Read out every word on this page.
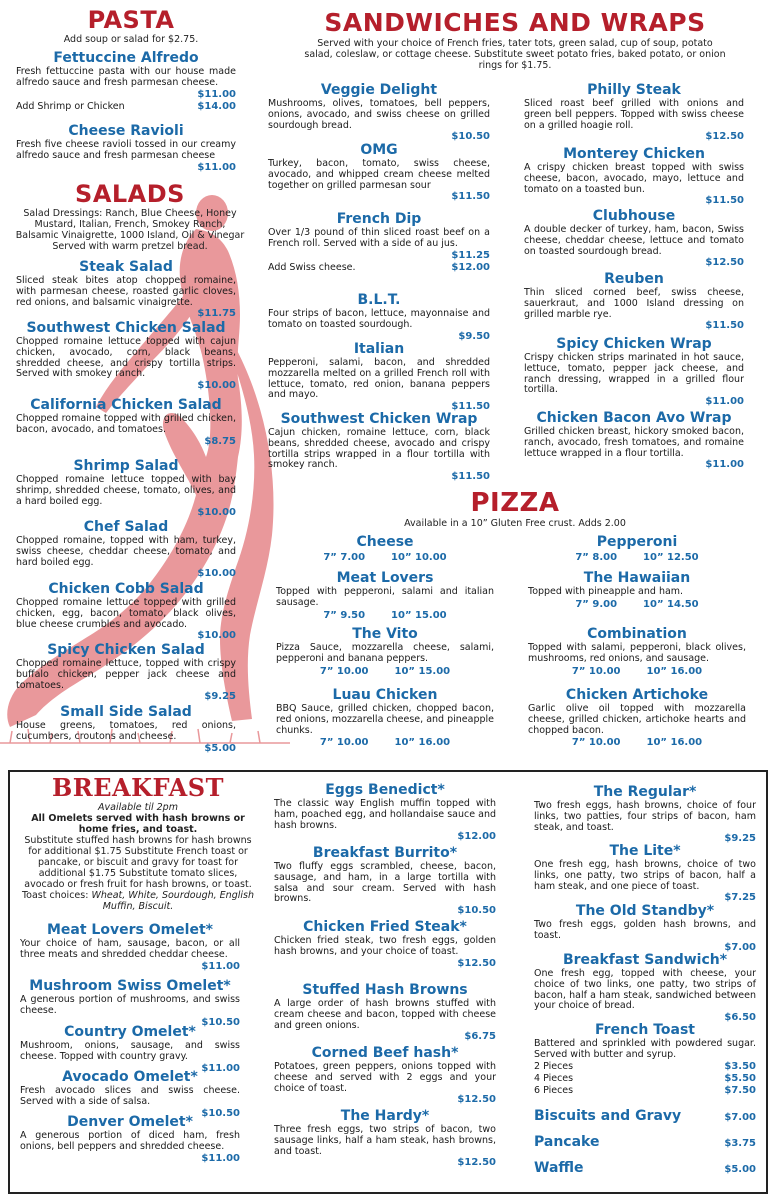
PASTA
Add soup or salad for $2.75.
Fettuccine Alfredo
Fresh fettuccine pasta with our house made alfredo sauce and fresh parmesan cheese.
$11.00
Add Shrimp or Chicken	$14.00
Cheese Ravioli
Fresh five cheese ravioli tossed in our creamy alfredo sauce and fresh parmesan cheese
$11.00
SALADS
Salad Dressings: Ranch, Blue Cheese, Honey Mustard, Italian, French, Smokey Ranch, Balsamic Vinaigrette, 1000 Island, Oil & Vinegar Served with warm pretzel bread.
Steak Salad
Sliced steak bites atop chopped romaine, with parmesan cheese, roasted garlic cloves, red onions, and balsamic vinaigrette.
$11.75
Southwest Chicken Salad
Chopped romaine lettuce topped with cajun chicken, avocado, corn, black beans, shredded cheese, and crispy tortilla strips. Served with smokey ranch.
$10.00
California Chicken Salad
Chopped romaine topped with grilled chicken, bacon, avocado, and tomatoes.
$8.75
Shrimp Salad
Chopped romaine lettuce topped with bay shrimp, shredded cheese, tomato, olives, and a hard boiled egg.
$10.00
Chef Salad
Chopped romaine, topped with ham, turkey, swiss cheese, cheddar cheese, tomato, and hard boiled egg.
$10.00
Chicken Cobb Salad
Chopped romaine lettuce topped with grilled chicken, egg, bacon, tomato, black olives, blue cheese crumbles and avocado.
$10.00
Spicy Chicken Salad
Chopped romaine lettuce, topped with crispy buffalo chicken, pepper jack cheese and tomatoes.
$9.25
Small Side Salad
House greens, tomatoes, red onions, cucumbers, croutons and cheese.
$5.00
SANDWICHES AND WRAPS
Served with your choice of French fries, tater tots, green salad, cup of soup, potato salad, coleslaw, or cottage cheese. Substitute sweet potato fries, baked potato, or onion rings for $1.75.
Veggie Delight
Mushrooms, olives, tomatoes, bell peppers, onions, avocado, and swiss cheese on grilled sourdough bread.
$10.50
OMG
Turkey, bacon, tomato, swiss cheese, avocado, and whipped cream cheese melted together on grilled parmesan sour
$11.50
French Dip
Over 1/3 pound of thin sliced roast beef on a French roll. Served with a side of au jus.
$11.25
Add Swiss cheese.	$12.00
B.L.T.
Four strips of bacon, lettuce, mayonnaise and tomato on toasted sourdough.
$9.50
Italian
Pepperoni, salami, bacon, and shredded mozzarella melted on a grilled French roll with lettuce, tomato, red onion, banana peppers and mayo.
$11.50
Southwest Chicken Wrap
Cajun chicken, romaine lettuce, corn, black beans, shredded cheese, avocado and crispy tortilla strips wrapped in a flour tortilla with smokey ranch.
$11.50
Philly Steak
Sliced roast beef grilled with onions and green bell peppers. Topped with swiss cheese on a grilled hoagie roll.
$12.50
Monterey Chicken
A crispy chicken breast topped with swiss cheese, bacon, avocado, mayo, lettuce and tomato on a toasted bun.
$11.50
Clubhouse
A double decker of turkey, ham, bacon, Swiss cheese, cheddar cheese, lettuce and tomato on toasted sourdough bread.
$12.50
Reuben
Thin sliced corned beef, swiss cheese, sauerkraut, and 1000 Island dressing on grilled marble rye.
$11.50
Spicy Chicken Wrap
Crispy chicken strips marinated in hot sauce, lettuce, tomato, pepper jack cheese, and ranch dressing, wrapped in a grilled flour tortilla.
$11.00
Chicken Bacon Avo Wrap
Grilled chicken breast, hickory smoked bacon, ranch, avocado, fresh tomatoes, and romaine lettuce wrapped in a flour tortilla.
$11.00
PIZZA
Available in a 10” Gluten Free crust. Adds 2.00
Cheese
7” 7.00	10” 10.00
Meat Lovers
Topped with pepperoni, salami and italian sausage.
7” 9.50	10” 15.00
The Vito
Pizza Sauce, mozzarella cheese, salami, pepperoni and banana peppers.
7” 10.00	10” 15.00
Luau Chicken
BBQ Sauce, grilled chicken, chopped bacon, red onions, mozzarella cheese, and pineapple chunks.
7” 10.00	10” 16.00
Pepperoni
7” 8.00	10” 12.50
The Hawaiian
Topped with pineapple and ham.
7” 9.00	10” 14.50
Combination
Topped with salami, pepperoni, black olives, mushrooms, red onions, and sausage.
7” 10.00	10” 16.00
Chicken Artichoke
Garlic olive oil topped with mozzarella cheese, grilled chicken, artichoke hearts and chopped bacon.
7” 10.00	10” 16.00
BREAKFAST
Available til 2pm
All Omelets served with hash browns or home fries, and toast.
Substitute stuffed hash browns for hash browns for additional $1.75 Substitute French toast or pancake, or biscuit and gravy for toast for additional $1.75 Substitute tomato slices, avocado or fresh fruit for hash browns, or toast.
Toast choices: Wheat, White, Sourdough, English Muffin, Biscuit.
Meat Lovers Omelet*
Your choice of ham, sausage, bacon, or all three meats and shredded cheddar cheese.
$11.00
Mushroom Swiss Omelet*
A generous portion of mushrooms, and swiss cheese.
$10.50
Country Omelet*
Mushroom, onions, sausage, and swiss cheese. Topped with country gravy.
$11.00
Avocado Omelet*
Fresh avocado slices and swiss cheese. Served with a side of salsa.
$10.50
Denver Omelet*
A generous portion of diced ham, fresh onions, bell peppers and shredded cheese.
$11.00
Eggs Benedict*
The classic way English muffin topped with ham, poached egg, and hollandaise sauce and hash browns.
$12.00
Breakfast Burrito*
Two fluffy eggs scrambled, cheese, bacon, sausage, and ham, in a large tortilla with salsa and sour cream. Served with hash browns.
$10.50
Chicken Fried Steak*
Chicken fried steak, two fresh eggs, golden hash browns, and your choice of toast.
$12.50
Stuffed Hash Browns
A large order of hash browns stuffed with cream cheese and bacon, topped with cheese and green onions.
$6.75
Corned Beef hash*
Potatoes, green peppers, onions topped with cheese and served with 2 eggs and your choice of toast.
$12.50
The Hardy*
Three fresh eggs, two strips of bacon, two sausage links, half a ham steak, hash browns, and toast.
$12.50
The Regular*
Two fresh eggs, hash browns, choice of four links, two patties, four strips of bacon, ham steak, and toast.
$9.25
The Lite*
One fresh egg, hash browns, choice of two links, one patty, two strips of bacon, half a ham steak, and one piece of toast.
$7.25
The Old Standby*
Two fresh eggs, golden hash browns, and toast.
$7.00
Breakfast Sandwich*
One fresh egg, topped with cheese, your choice of two links, one patty, two strips of bacon, half a ham steak, sandwiched between your choice of bread.
$6.50
French Toast
Battered and sprinkled with powdered sugar. Served with butter and syrup.
2 Pieces	$3.50
4 Pieces	$5.50
6 Pieces	$7.50
Biscuits and Gravy	$7.00
Pancake	$3.75
Waffle	$5.00
